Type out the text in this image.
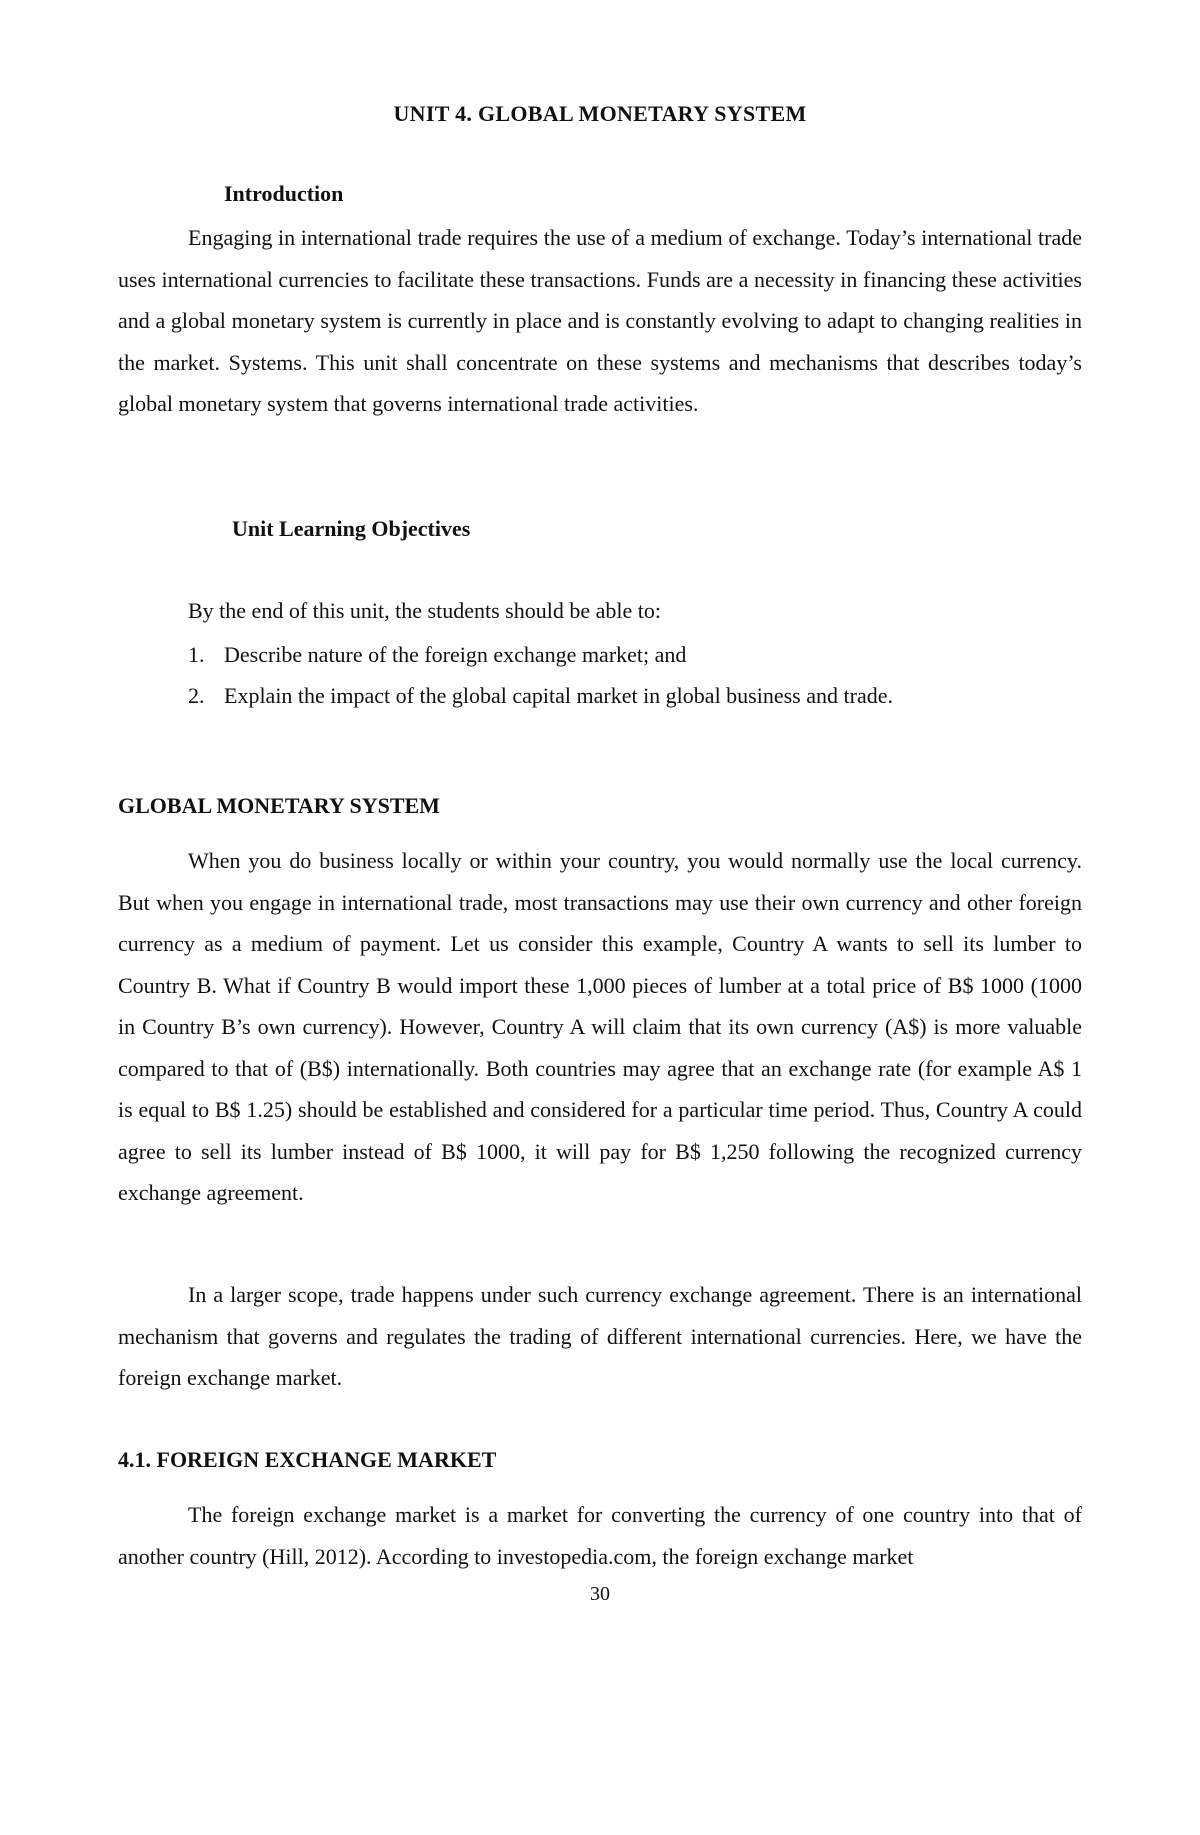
UNIT 4. GLOBAL MONETARY SYSTEM
Introduction

Engaging in international trade requires the use of a medium of exchange. Today’s international trade uses international currencies to facilitate these transactions. Funds are a necessity in financing these activities and a global monetary system is currently in place and is constantly evolving to adapt to changing realities in the market. Systems. This unit shall concentrate on these systems and mechanisms that describes today’s global monetary system that governs international trade activities.

Unit Learning Objectives

By the end of this unit, the students should be able to:

1. Describe nature of the foreign exchange market; and
2. Explain the impact of the global capital market in global business and trade.
GLOBAL MONETARY SYSTEM

When you do business locally or within your country, you would normally use the local currency. But when you engage in international trade, most transactions may use their own currency and other foreign currency as a medium of payment. Let us consider this example, Country A wants to sell its lumber to Country B. What if Country B would import these 1,000 pieces of lumber at a total price of B$ 1000 (1000 in Country B’s own currency). However, Country A will claim that its own currency (A$) is more valuable compared to that of (B$) internationally. Both countries may agree that an exchange rate (for example A$ 1 is equal to B$ 1.25) should be established and considered for a particular time period. Thus, Country A could agree to sell its lumber instead of B$ 1000, it will pay for B$ 1,250 following the recognized currency exchange agreement.

In a larger scope, trade happens under such currency exchange agreement. There is an international mechanism that governs and regulates the trading of different international currencies. Here, we have the foreign exchange market.

4.1. FOREIGN EXCHANGE MARKET

The foreign exchange market is a market for converting the currency of one country into that of another country (Hill, 2012). According to investopedia.com, the foreign exchange market

30
